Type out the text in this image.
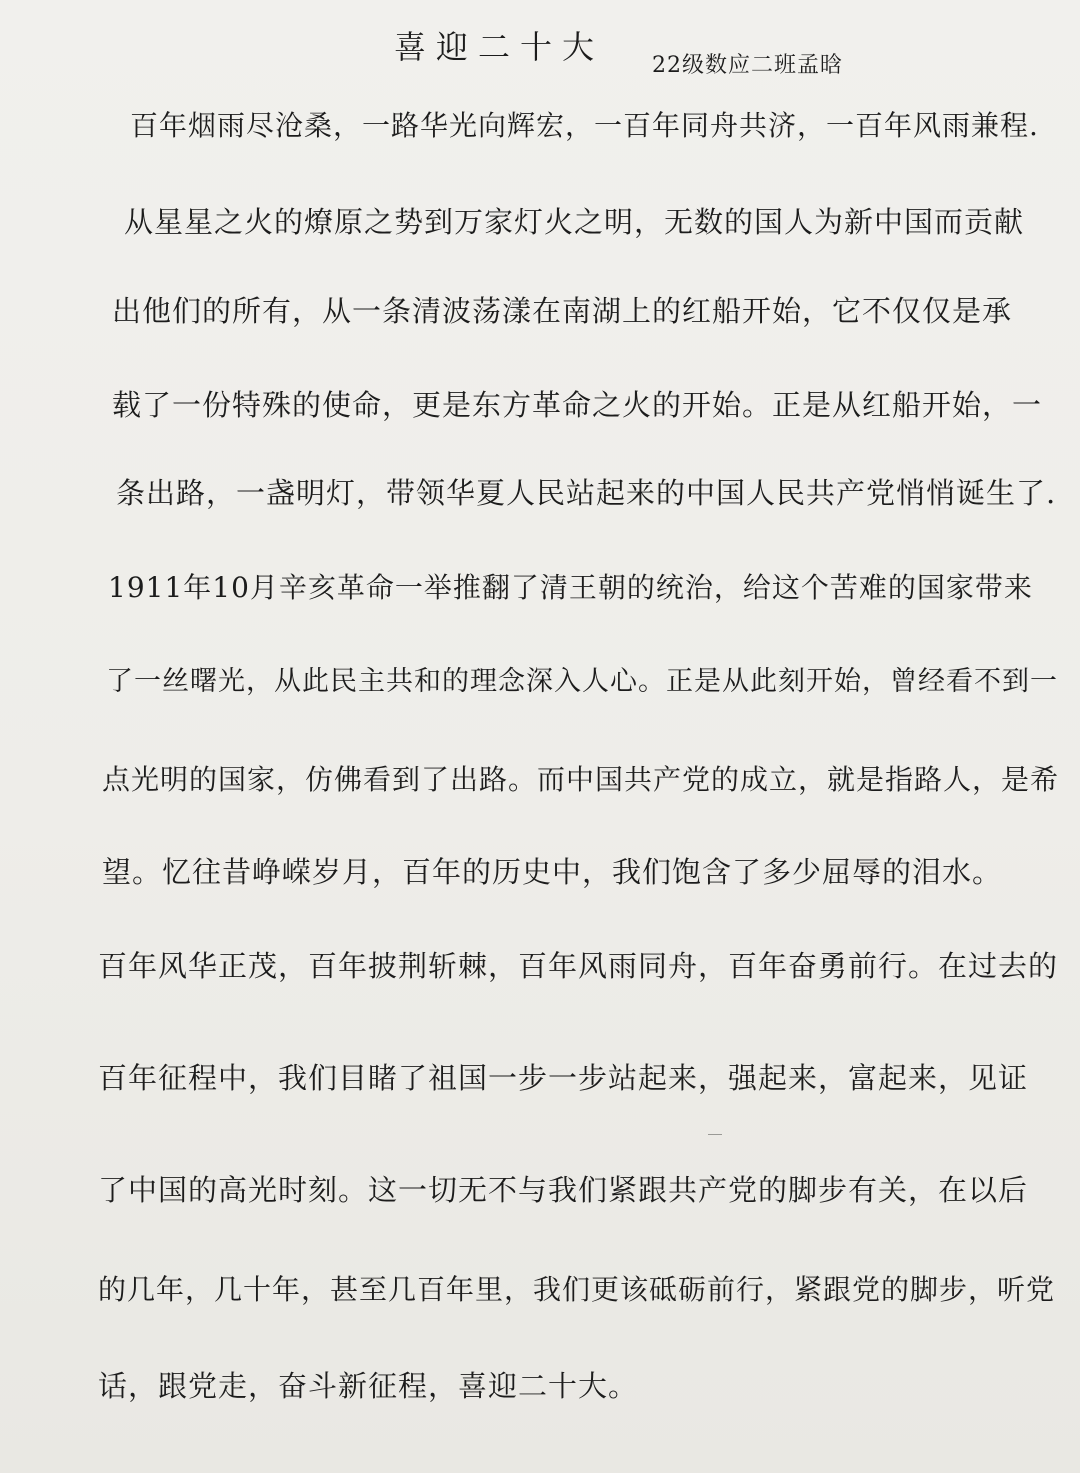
喜迎二十大 22级数应二班孟晗
百年烟雨尽沧桑，一路华光向辉宏，一百年同舟共济，一百年风雨兼程.
从星星之火的燎原之势到万家灯火之明，无数的国人为新中国而贡献
出他们的所有，从一条清波荡漾在南湖上的红船开始，它不仅仅是承
载了一份特殊的使命，更是东方革命之火的开始。正是从红船开始，一
条出路，一盏明灯，带领华夏人民站起来的中国人民共产党悄悄诞生了.
1911年10月辛亥革命一举推翻了清王朝的统治，给这个苦难的国家带来
了一丝曙光，从此民主共和的理念深入人心。正是从此刻开始，曾经看不到一
点光明的国家，仿佛看到了出路。而中国共产党的成立，就是指路人，是希
望。忆往昔峥嵘岁月，百年的历史中，我们饱含了多少屈辱的泪水。
百年风华正茂，百年披荆斩棘，百年风雨同舟，百年奋勇前行。在过去的
百年征程中，我们目睹了祖国一步一步站起来，强起来，富起来，见证
了中国的高光时刻。这一切无不与我们紧跟共产党的脚步有关，在以后
的几年，几十年，甚至几百年里，我们更该砥砺前行，紧跟党的脚步，听党
话，跟党走，奋斗新征程，喜迎二十大。
